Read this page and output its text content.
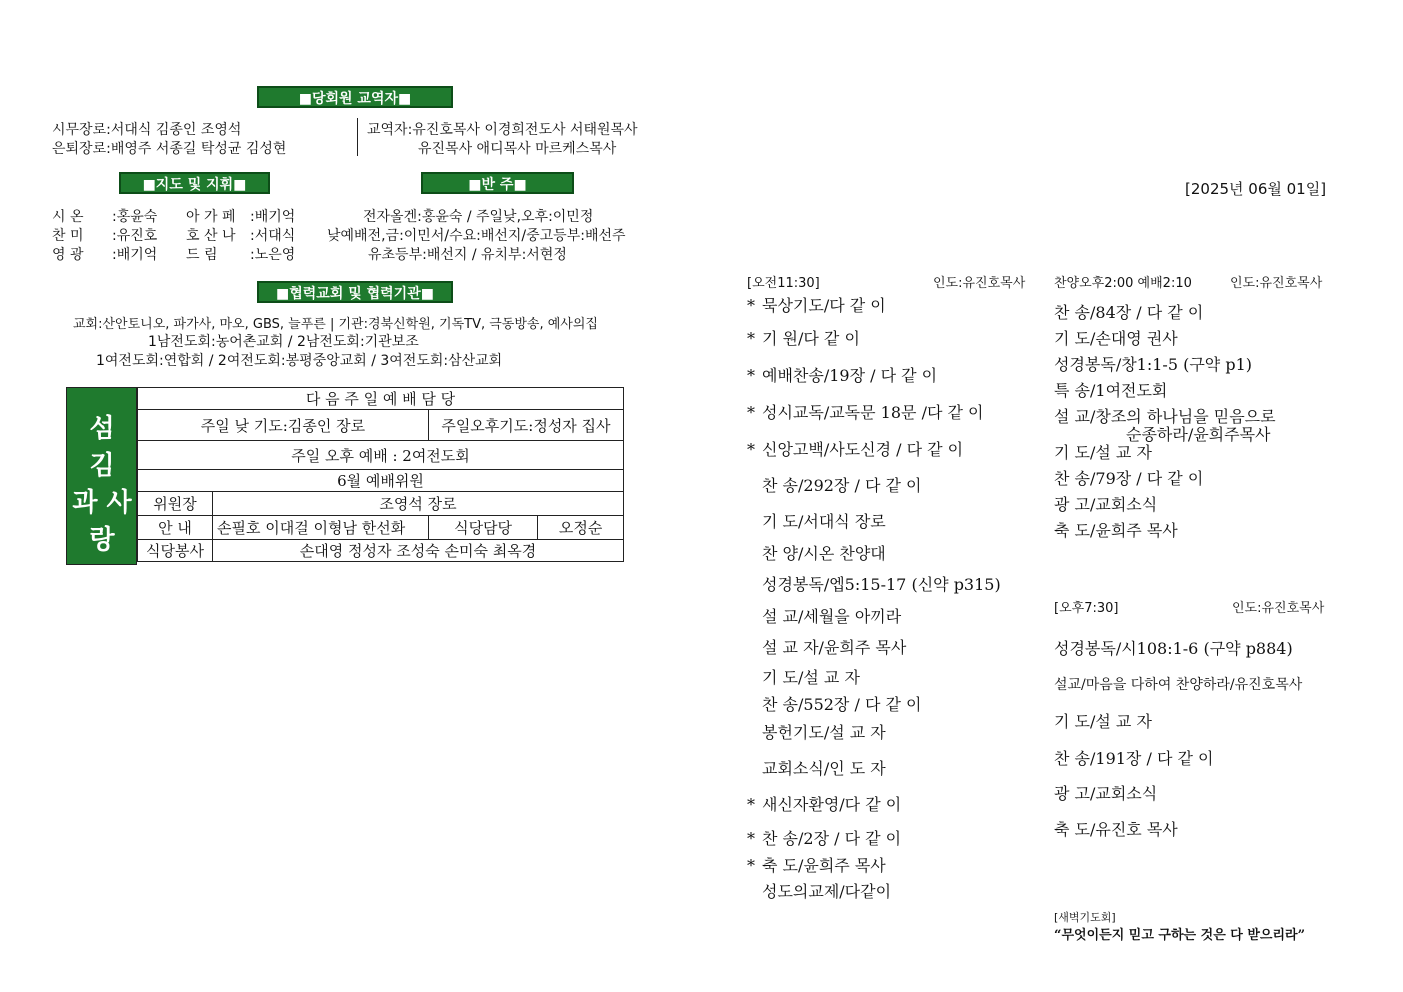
■당회원 교역자■
시무장로:서대식 김종인 조영석
은퇴장로:배영주 서종길 탁성균 김성현
교역자:유진호목사 이경희전도사 서태원목사
유진목사 애디목사 마르케스목사
■지도 및 지휘■	■반 주■
시 온 :홍윤숙 아 가 페 :배기억
찬 미 :유진호 호 산 나 :서대식
영 광 :배기억 드 림 :노은영
전자올겐:홍윤숙 / 주일낮,오후:이민정
낮예배전,금:이민서/수요:배선지/중고등부:배선주
유초등부:배선지 / 유치부:서현정
■협력교회 및 협력기관■
교회:산안토니오, 파가사, 마오, GBS, 늘푸른 | 기관:경북신학원, 기독TV, 극동방송, 예사의집
1남전도회:농어촌교회 / 2남전도회:기관보조
1여전도회:연합회 / 2여전도회:봉평중앙교회 / 3여전도회:삼산교회
섬
김
과 사
랑
다 음 주 일 예 배 담 당			
주일 낮 기도:김종인 장로		주일오후기도:정성자 집사	
주일 오후 예배 : 2여전도회			
6월 예배위원			
위원장	조영석 장로		
안 내	손필호 이대걸 이형남 한선화	식당담당	오정순
식당봉사	손대영 정성자 조성숙 손미숙 최옥경		
[2025년 06월 01일]
[오전11:30]	인도:유진호목사
* 묵상기도/다 같 이
* 기 원/다 같 이
* 예배찬송/19장 / 다 같 이
* 성시교독/교독문 18문 /다 같 이
* 신앙고백/사도신경 / 다 같 이
찬 송/292장 / 다 같 이
기 도/서대식 장로
찬 양/시온 찬양대
성경봉독/엡5:15-17 (신약 p315)
설 교/세월을 아끼라
설 교 자/윤희주 목사
기 도/설 교 자
찬 송/552장 / 다 같 이
봉헌기도/설 교 자
교회소식/인 도 자
* 새신자환영/다 같 이
* 찬 송/2장 / 다 같 이
* 축 도/윤희주 목사
성도의교제/다같이
찬양오후2:00 예배2:10	인도:유진호목사
찬 송/84장 / 다 같 이
기 도/손대영 권사
성경봉독/창1:1-5 (구약 p1)
특 송/1여전도회
설 교/창조의 하나님을 믿음으로
순종하라/윤희주목사
기 도/설 교 자
찬 송/79장 / 다 같 이
광 고/교회소식
축 도/윤희주 목사
[오후7:30]	인도:유진호목사
성경봉독/시108:1-6 (구약 p884)
설교/마음을 다하여 찬양하라/유진호목사
기 도/설 교 자
찬 송/191장 / 다 같 이
광 고/교회소식
축 도/유진호 목사
[새벽기도회]
“무엇이든지 믿고 구하는 것은 다 받으리라”
